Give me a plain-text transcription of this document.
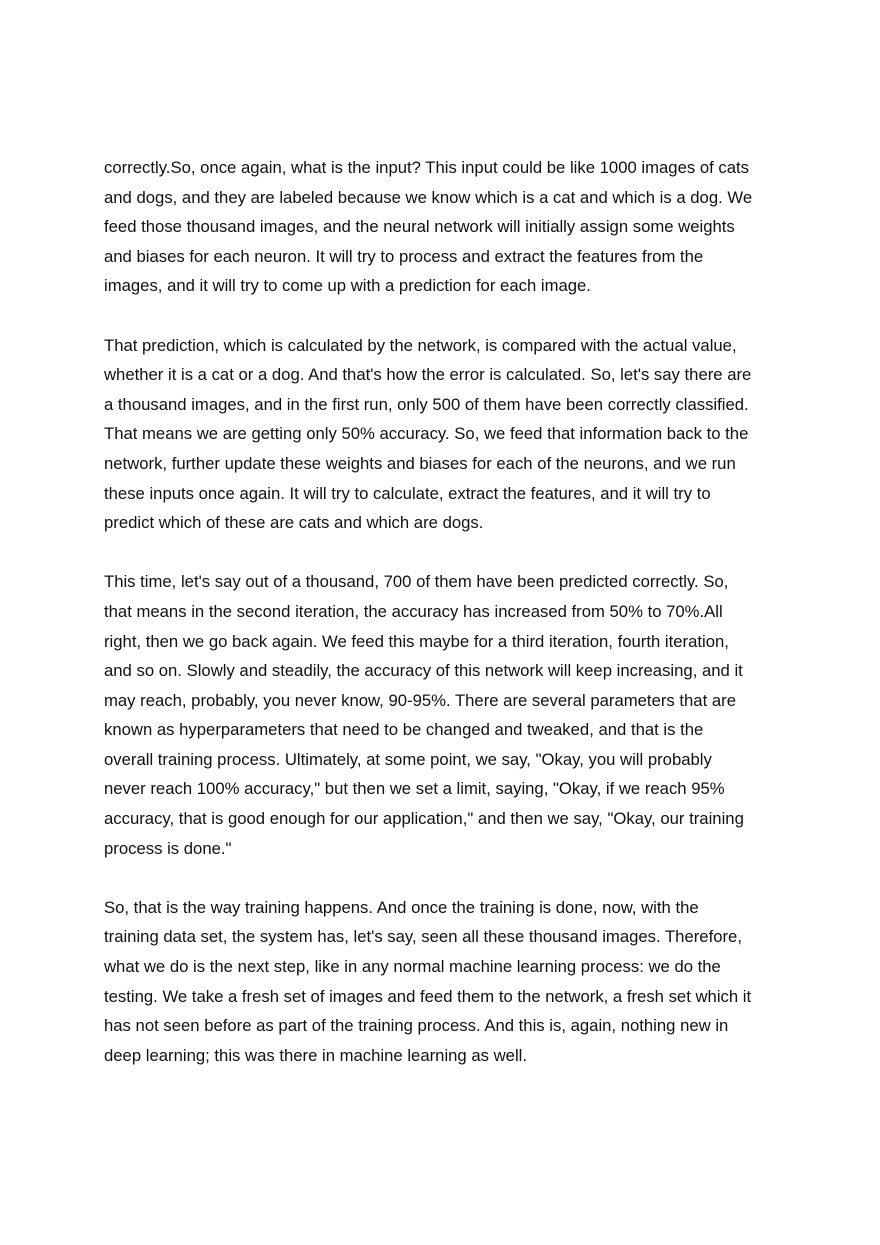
correctly.So, once again, what is the input? This input could be like 1000 images of cats
and dogs, and they are labeled because we know which is a cat and which is a dog. We
feed those thousand images, and the neural network will initially assign some weights
and biases for each neuron. It will try to process and extract the features from the
images, and it will try to come up with a prediction for each image.

That prediction, which is calculated by the network, is compared with the actual value,
whether it is a cat or a dog. And that's how the error is calculated. So, let's say there are
a thousand images, and in the first run, only 500 of them have been correctly classified.
That means we are getting only 50% accuracy. So, we feed that information back to the
network, further update these weights and biases for each of the neurons, and we run
these inputs once again. It will try to calculate, extract the features, and it will try to
predict which of these are cats and which are dogs.

This time, let's say out of a thousand, 700 of them have been predicted correctly. So,
that means in the second iteration, the accuracy has increased from 50% to 70%.All
right, then we go back again. We feed this maybe for a third iteration, fourth iteration,
and so on. Slowly and steadily, the accuracy of this network will keep increasing, and it
may reach, probably, you never know, 90-95%. There are several parameters that are
known as hyperparameters that need to be changed and tweaked, and that is the
overall training process. Ultimately, at some point, we say, "Okay, you will probably
never reach 100% accuracy," but then we set a limit, saying, "Okay, if we reach 95%
accuracy, that is good enough for our application," and then we say, "Okay, our training
process is done."

So, that is the way training happens. And once the training is done, now, with the
training data set, the system has, let's say, seen all these thousand images. Therefore,
what we do is the next step, like in any normal machine learning process: we do the
testing. We take a fresh set of images and feed them to the network, a fresh set which it
has not seen before as part of the training process. And this is, again, nothing new in
deep learning; this was there in machine learning as well.
